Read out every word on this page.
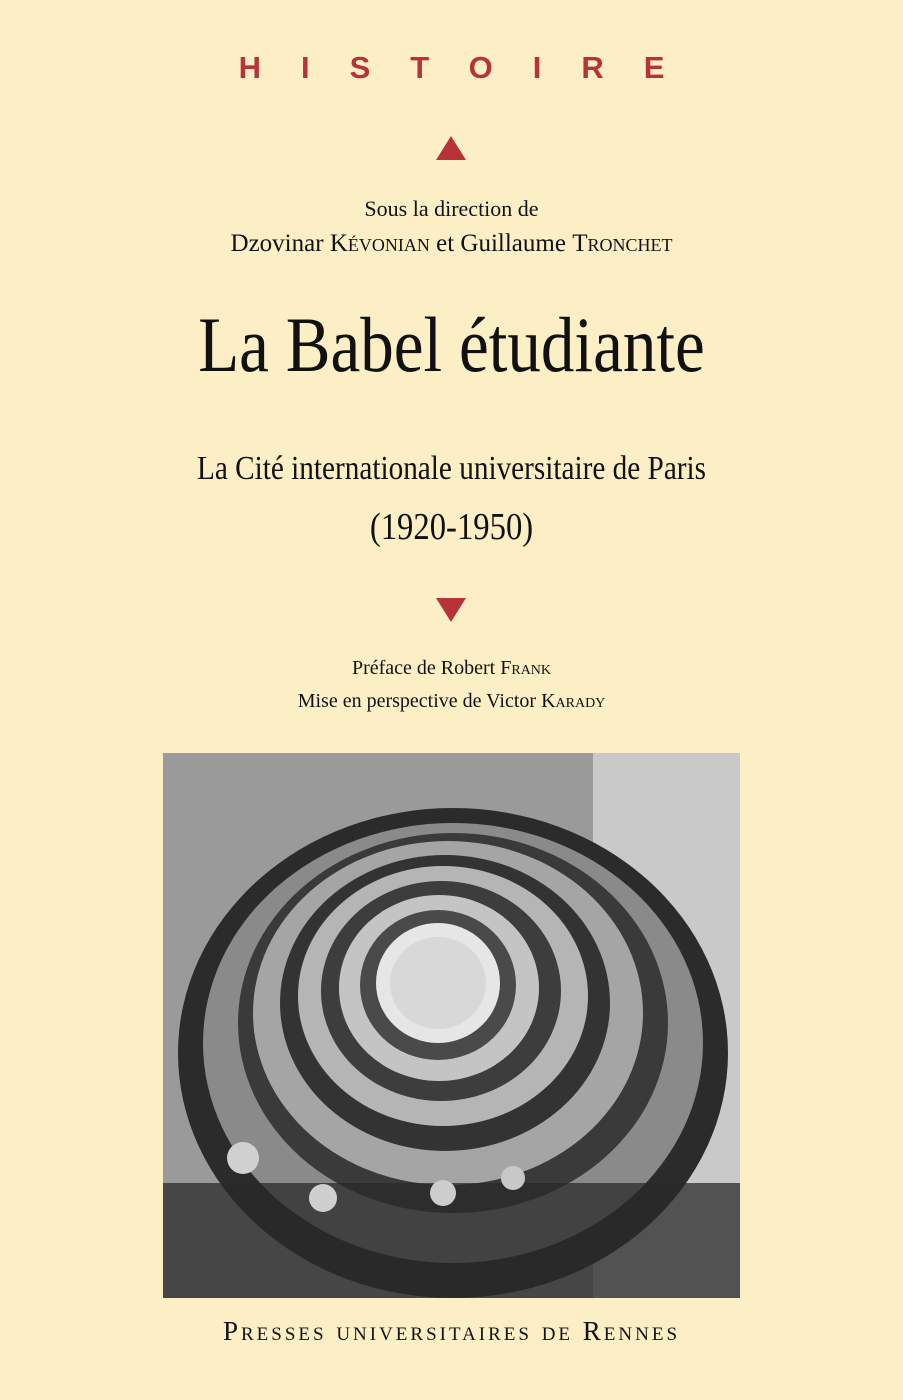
HISTOIRE
Sous la direction de
Dzovinar Kévonian et Guillaume Tronchet
La Babel étudiante
La Cité internationale universitaire de Paris
(1920-1950)
Préface de Robert Frank
Mise en perspective de Victor Karady
Presses universitaires de Rennes
